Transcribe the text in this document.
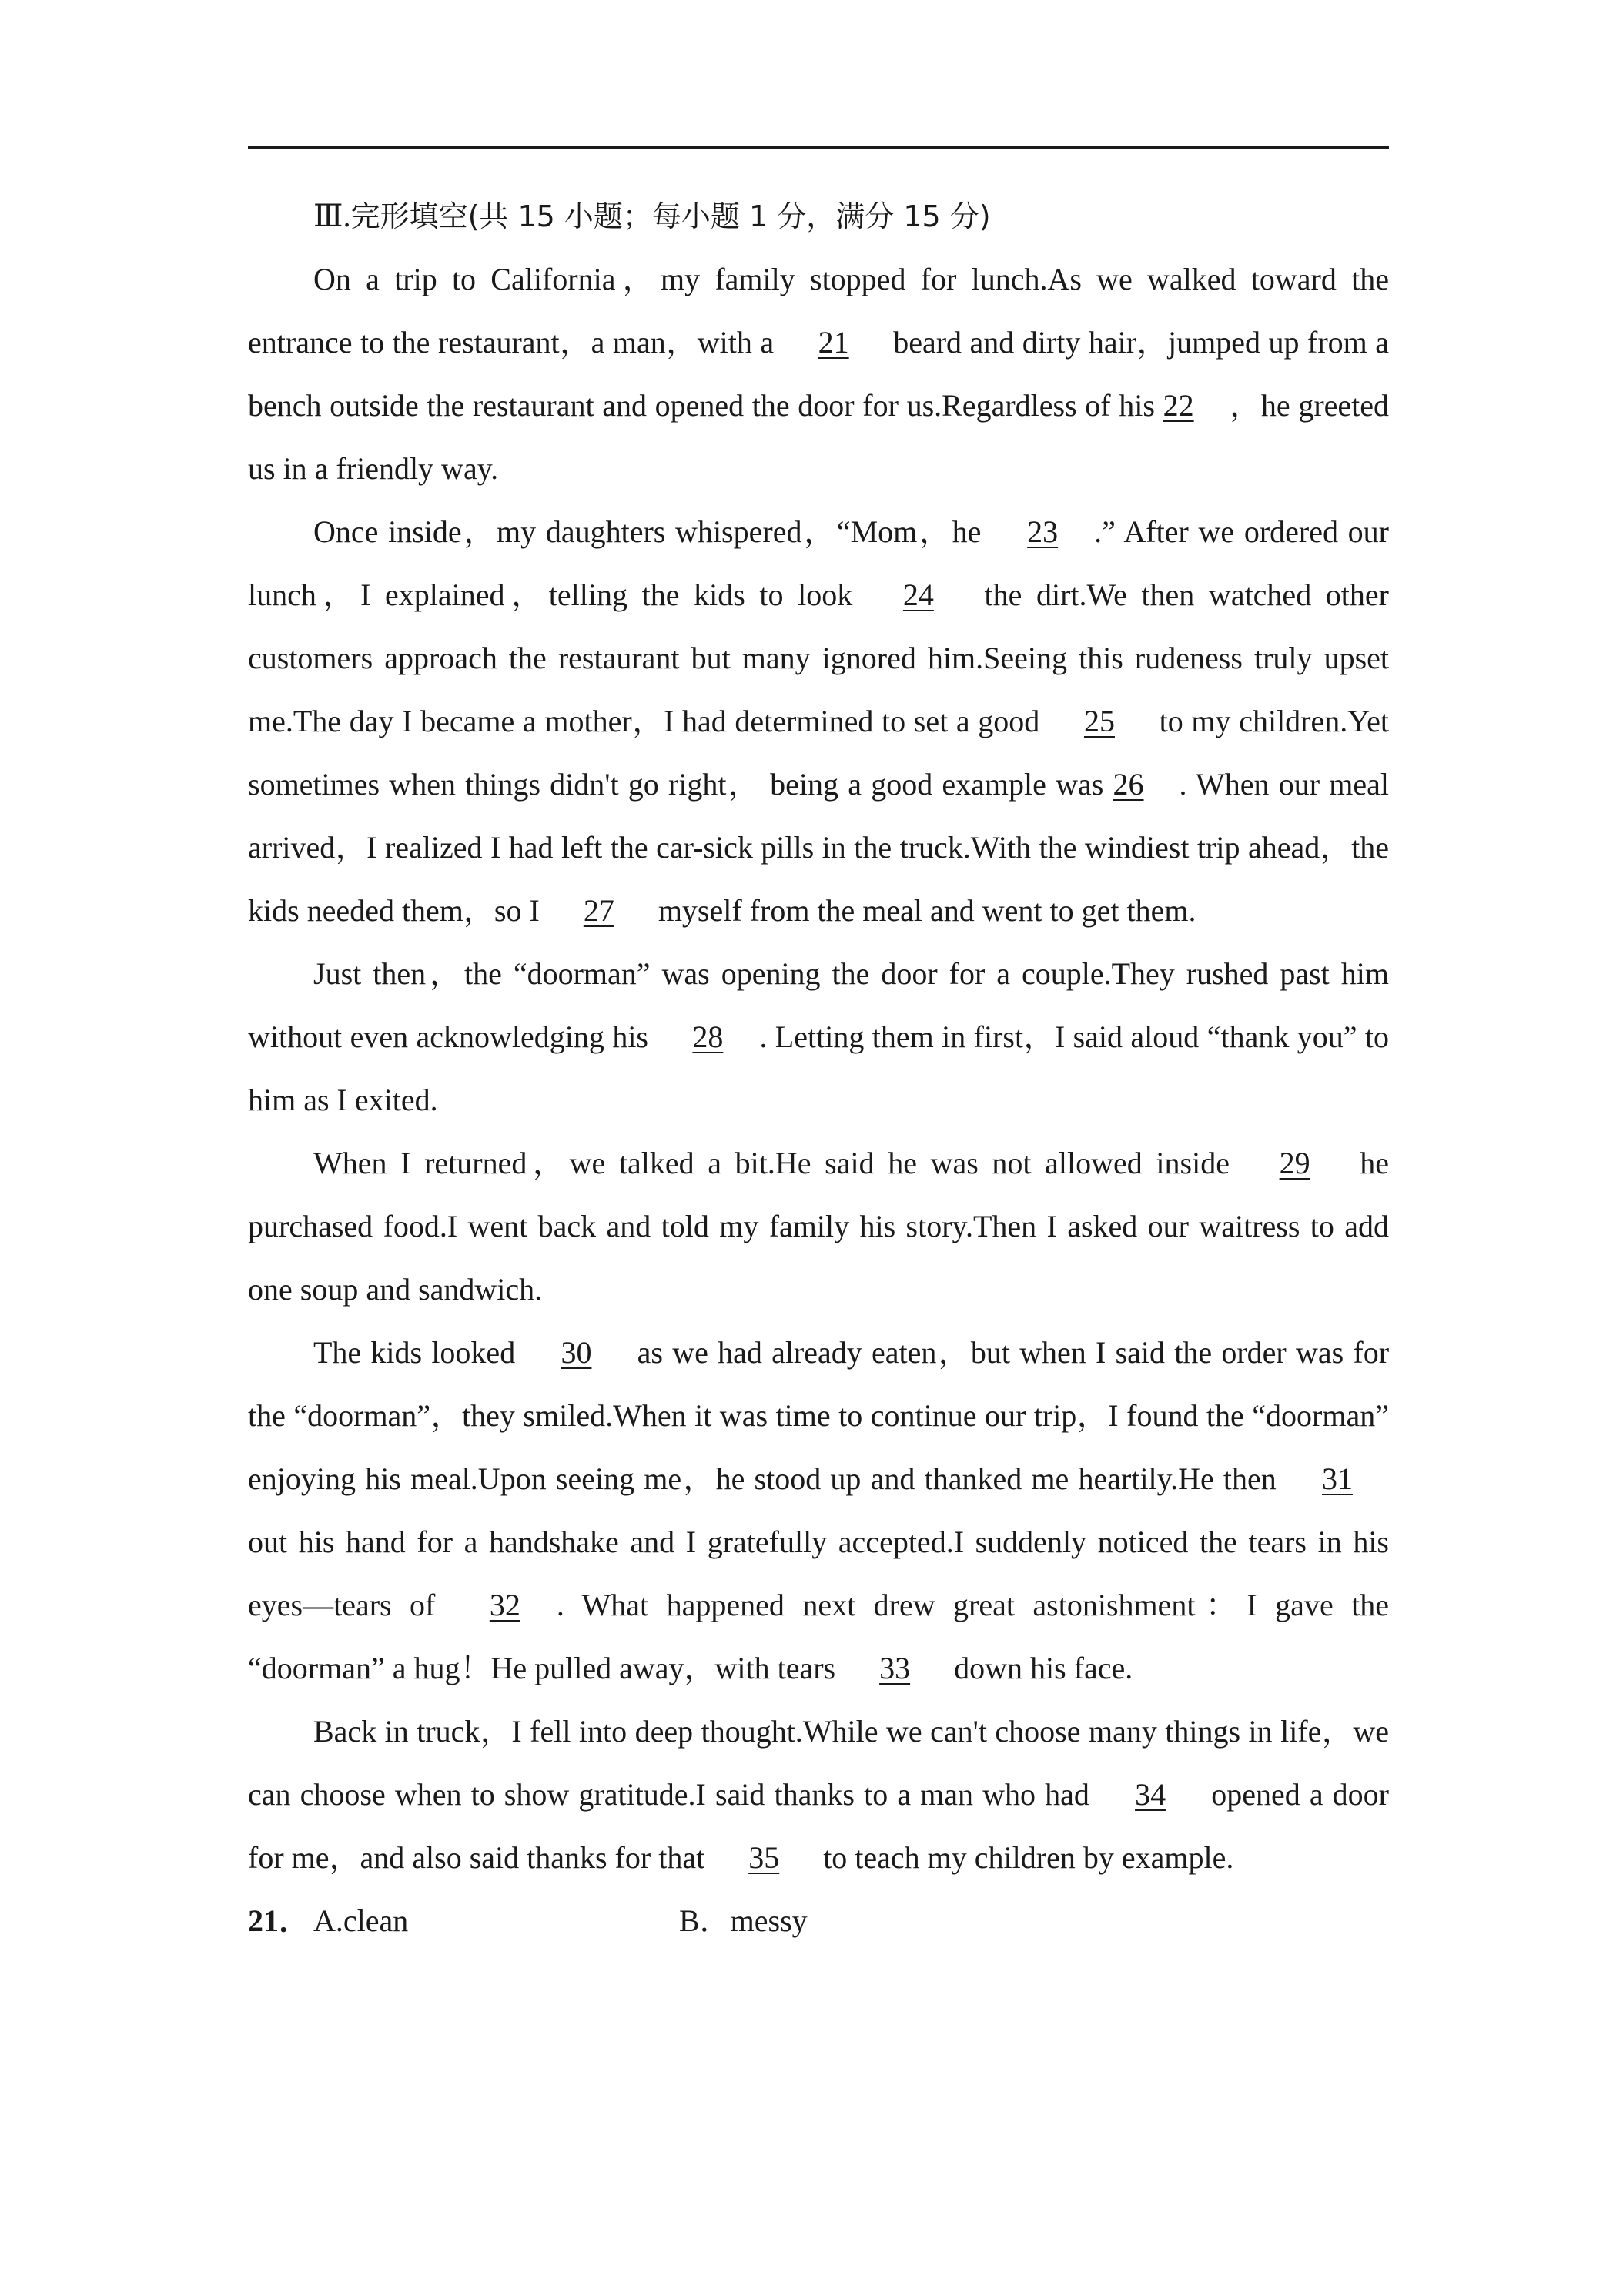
Ⅲ.完形填空(共 15 小题；每小题 1 分，满分 15 分)

On a trip to California，my family stopped for lunch.As we walked toward the entrance to the restaurant，a man，with a 21 beard and dirty hair，jumped up from a bench outside the restaurant and opened the door for us.Regardless of his 22 ，he greeted us in a friendly way.

Once inside，my daughters whispered，“Mom，he 23 .” After we ordered our lunch，I explained，telling the kids to look 24 the dirt.We then watched other customers approach the restaurant but many ignored him.Seeing this rudeness truly upset me.The day I became a mother，I had determined to set a good 25 to my children.Yet sometimes when things didn't go right， being a good example was 26 . When our meal arrived，I realized I had left the car-sick pills in the truck.With the windiest trip ahead，the kids needed them，so I 27 myself from the meal and went to get them.

Just then，the “doorman” was opening the door for a couple.They rushed past him without even acknowledging his 28 . Letting them in first，I said aloud “thank you” to him as I exited.

When I returned，we talked a bit.He said he was not allowed inside 29 he purchased food.I went back and told my family his story.Then I asked our waitress to add one soup and sandwich.

The kids looked 30 as we had already eaten，but when I said the order was for the “doorman”，they smiled.When it was time to continue our trip，I found the “doorman” enjoying his meal.Upon seeing me，he stood up and thanked me heartily.He then 31 out his hand for a handshake and I gratefully accepted.I suddenly noticed the tears in his eyes—tears of 32 . What happened next drew great astonishment：I gave the “doorman” a hug！He pulled away，with tears 33 down his face.

Back in truck，I fell into deep thought.While we can't choose many things in life，we can choose when to show gratitude.I said thanks to a man who had 34 opened a door for me，and also said thanks for that 35 to teach my children by example.

21． A.clean	B．messy
